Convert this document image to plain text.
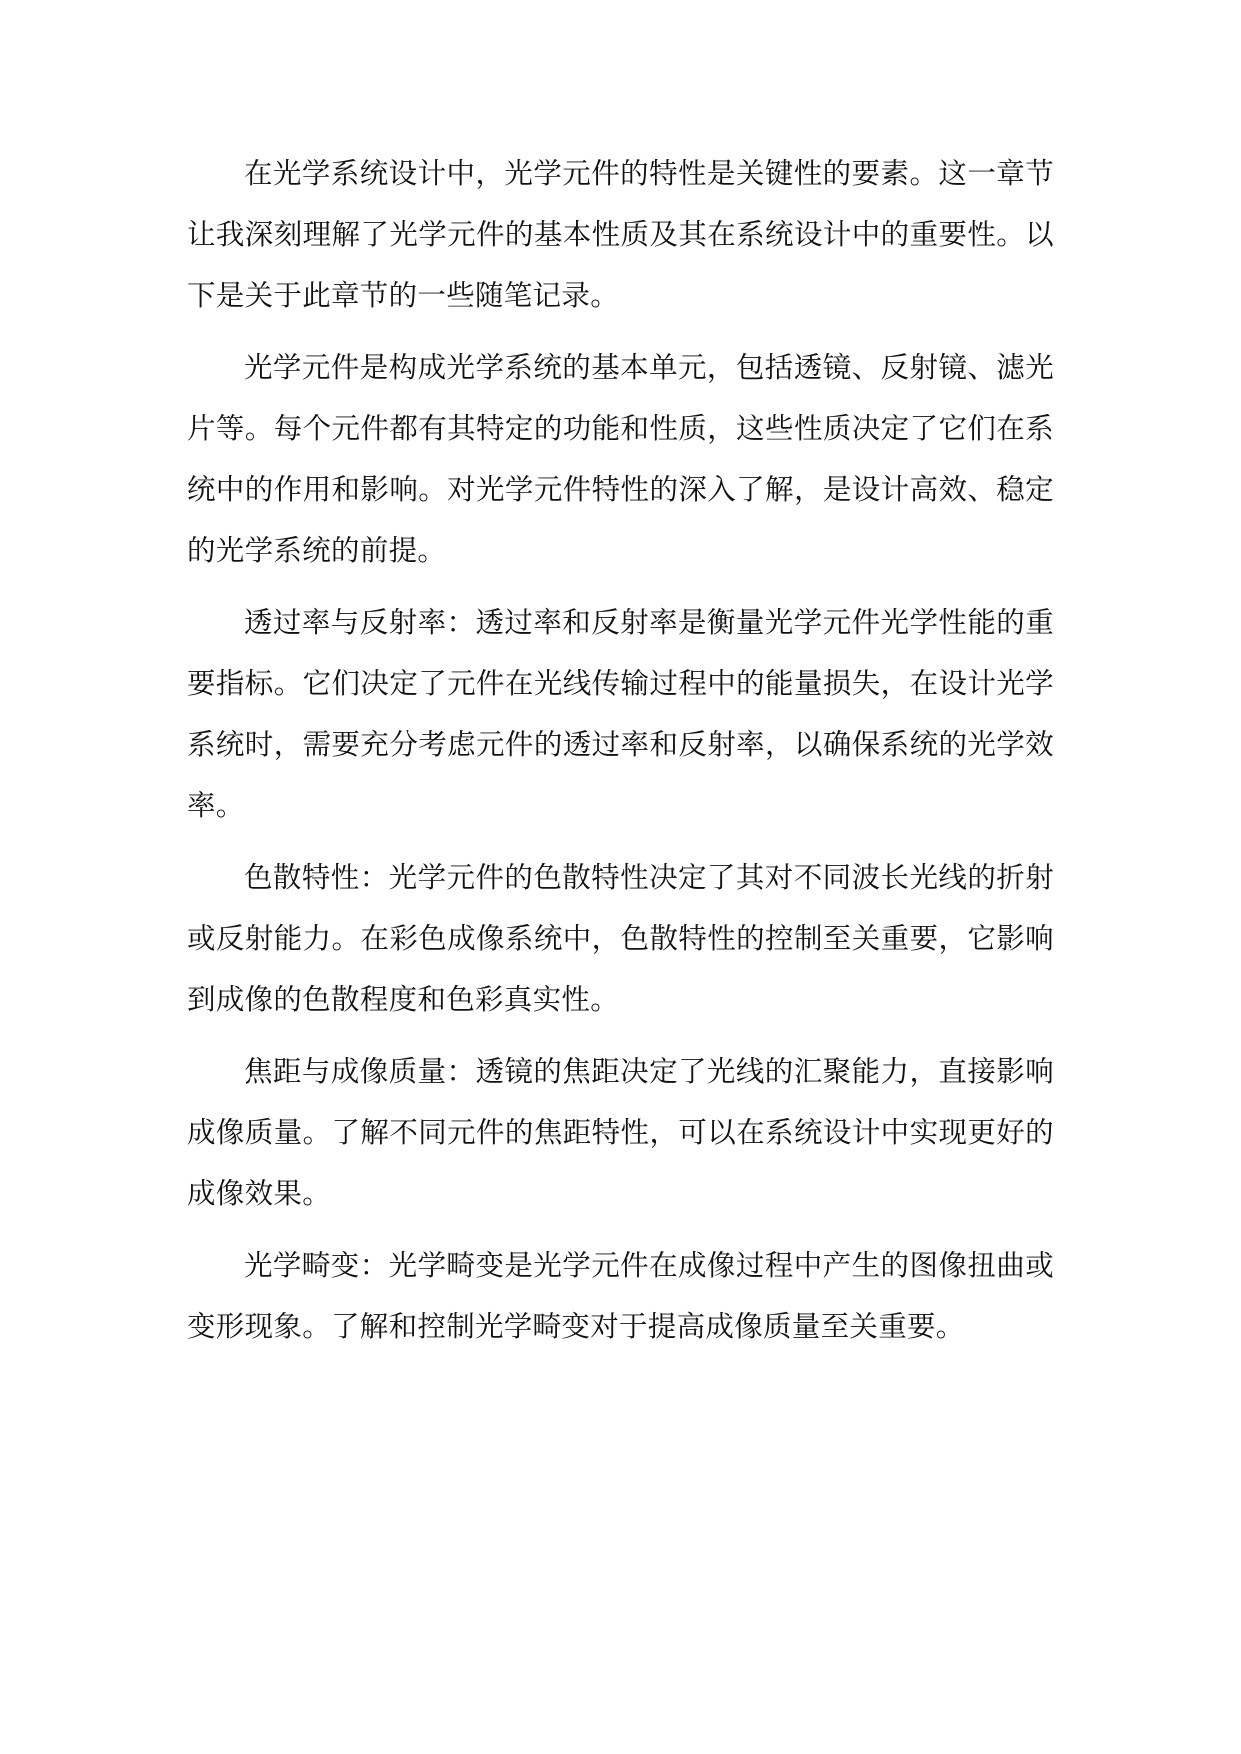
在光学系统设计中，光学元件的特性是关键性的要素。这一章节让我深刻理解了光学元件的基本性质及其在系统设计中的重要性。以下是关于此章节的一些随笔记录。

光学元件是构成光学系统的基本单元，包括透镜、反射镜、滤光片等。每个元件都有其特定的功能和性质，这些性质决定了它们在系统中的作用和影响。对光学元件特性的深入了解，是设计高效、稳定的光学系统的前提。

透过率与反射率：透过率和反射率是衡量光学元件光学性能的重要指标。它们决定了元件在光线传输过程中的能量损失，在设计光学系统时，需要充分考虑元件的透过率和反射率，以确保系统的光学效率。

色散特性：光学元件的色散特性决定了其对不同波长光线的折射或反射能力。在彩色成像系统中，色散特性的控制至关重要，它影响到成像的色散程度和色彩真实性。

焦距与成像质量：透镜的焦距决定了光线的汇聚能力，直接影响成像质量。了解不同元件的焦距特性，可以在系统设计中实现更好的成像效果。

光学畸变：光学畸变是光学元件在成像过程中产生的图像扭曲或变形现象。了解和控制光学畸变对于提高成像质量至关重要。
